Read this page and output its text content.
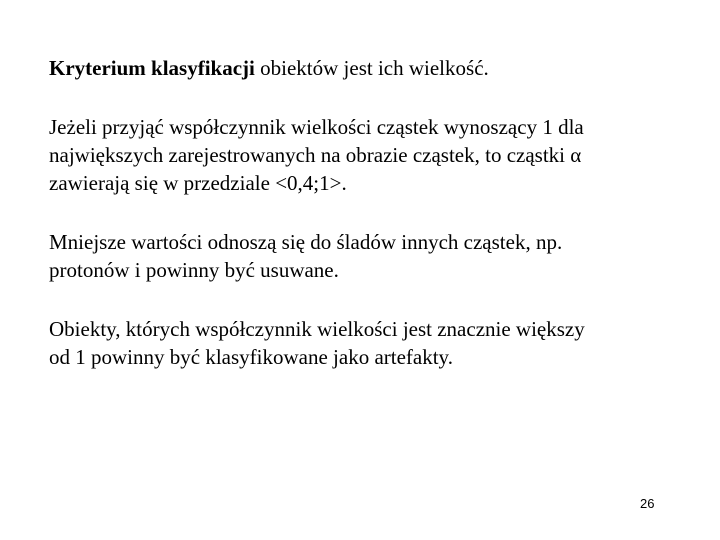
Kryterium klasyfikacji obiektów jest ich wielkość.

Jeżeli przyjąć współczynnik wielkości cząstek wynoszący 1 dla
największych zarejestrowanych na obrazie cząstek, to cząstki α
zawierają się w przedziale <0,4;1>.

Mniejsze wartości odnoszą się do śladów innych cząstek, np.
protonów i powinny być usuwane.

Obiekty, których współczynnik wielkości jest znacznie większy
od 1 powinny być klasyfikowane jako artefakty.

26
